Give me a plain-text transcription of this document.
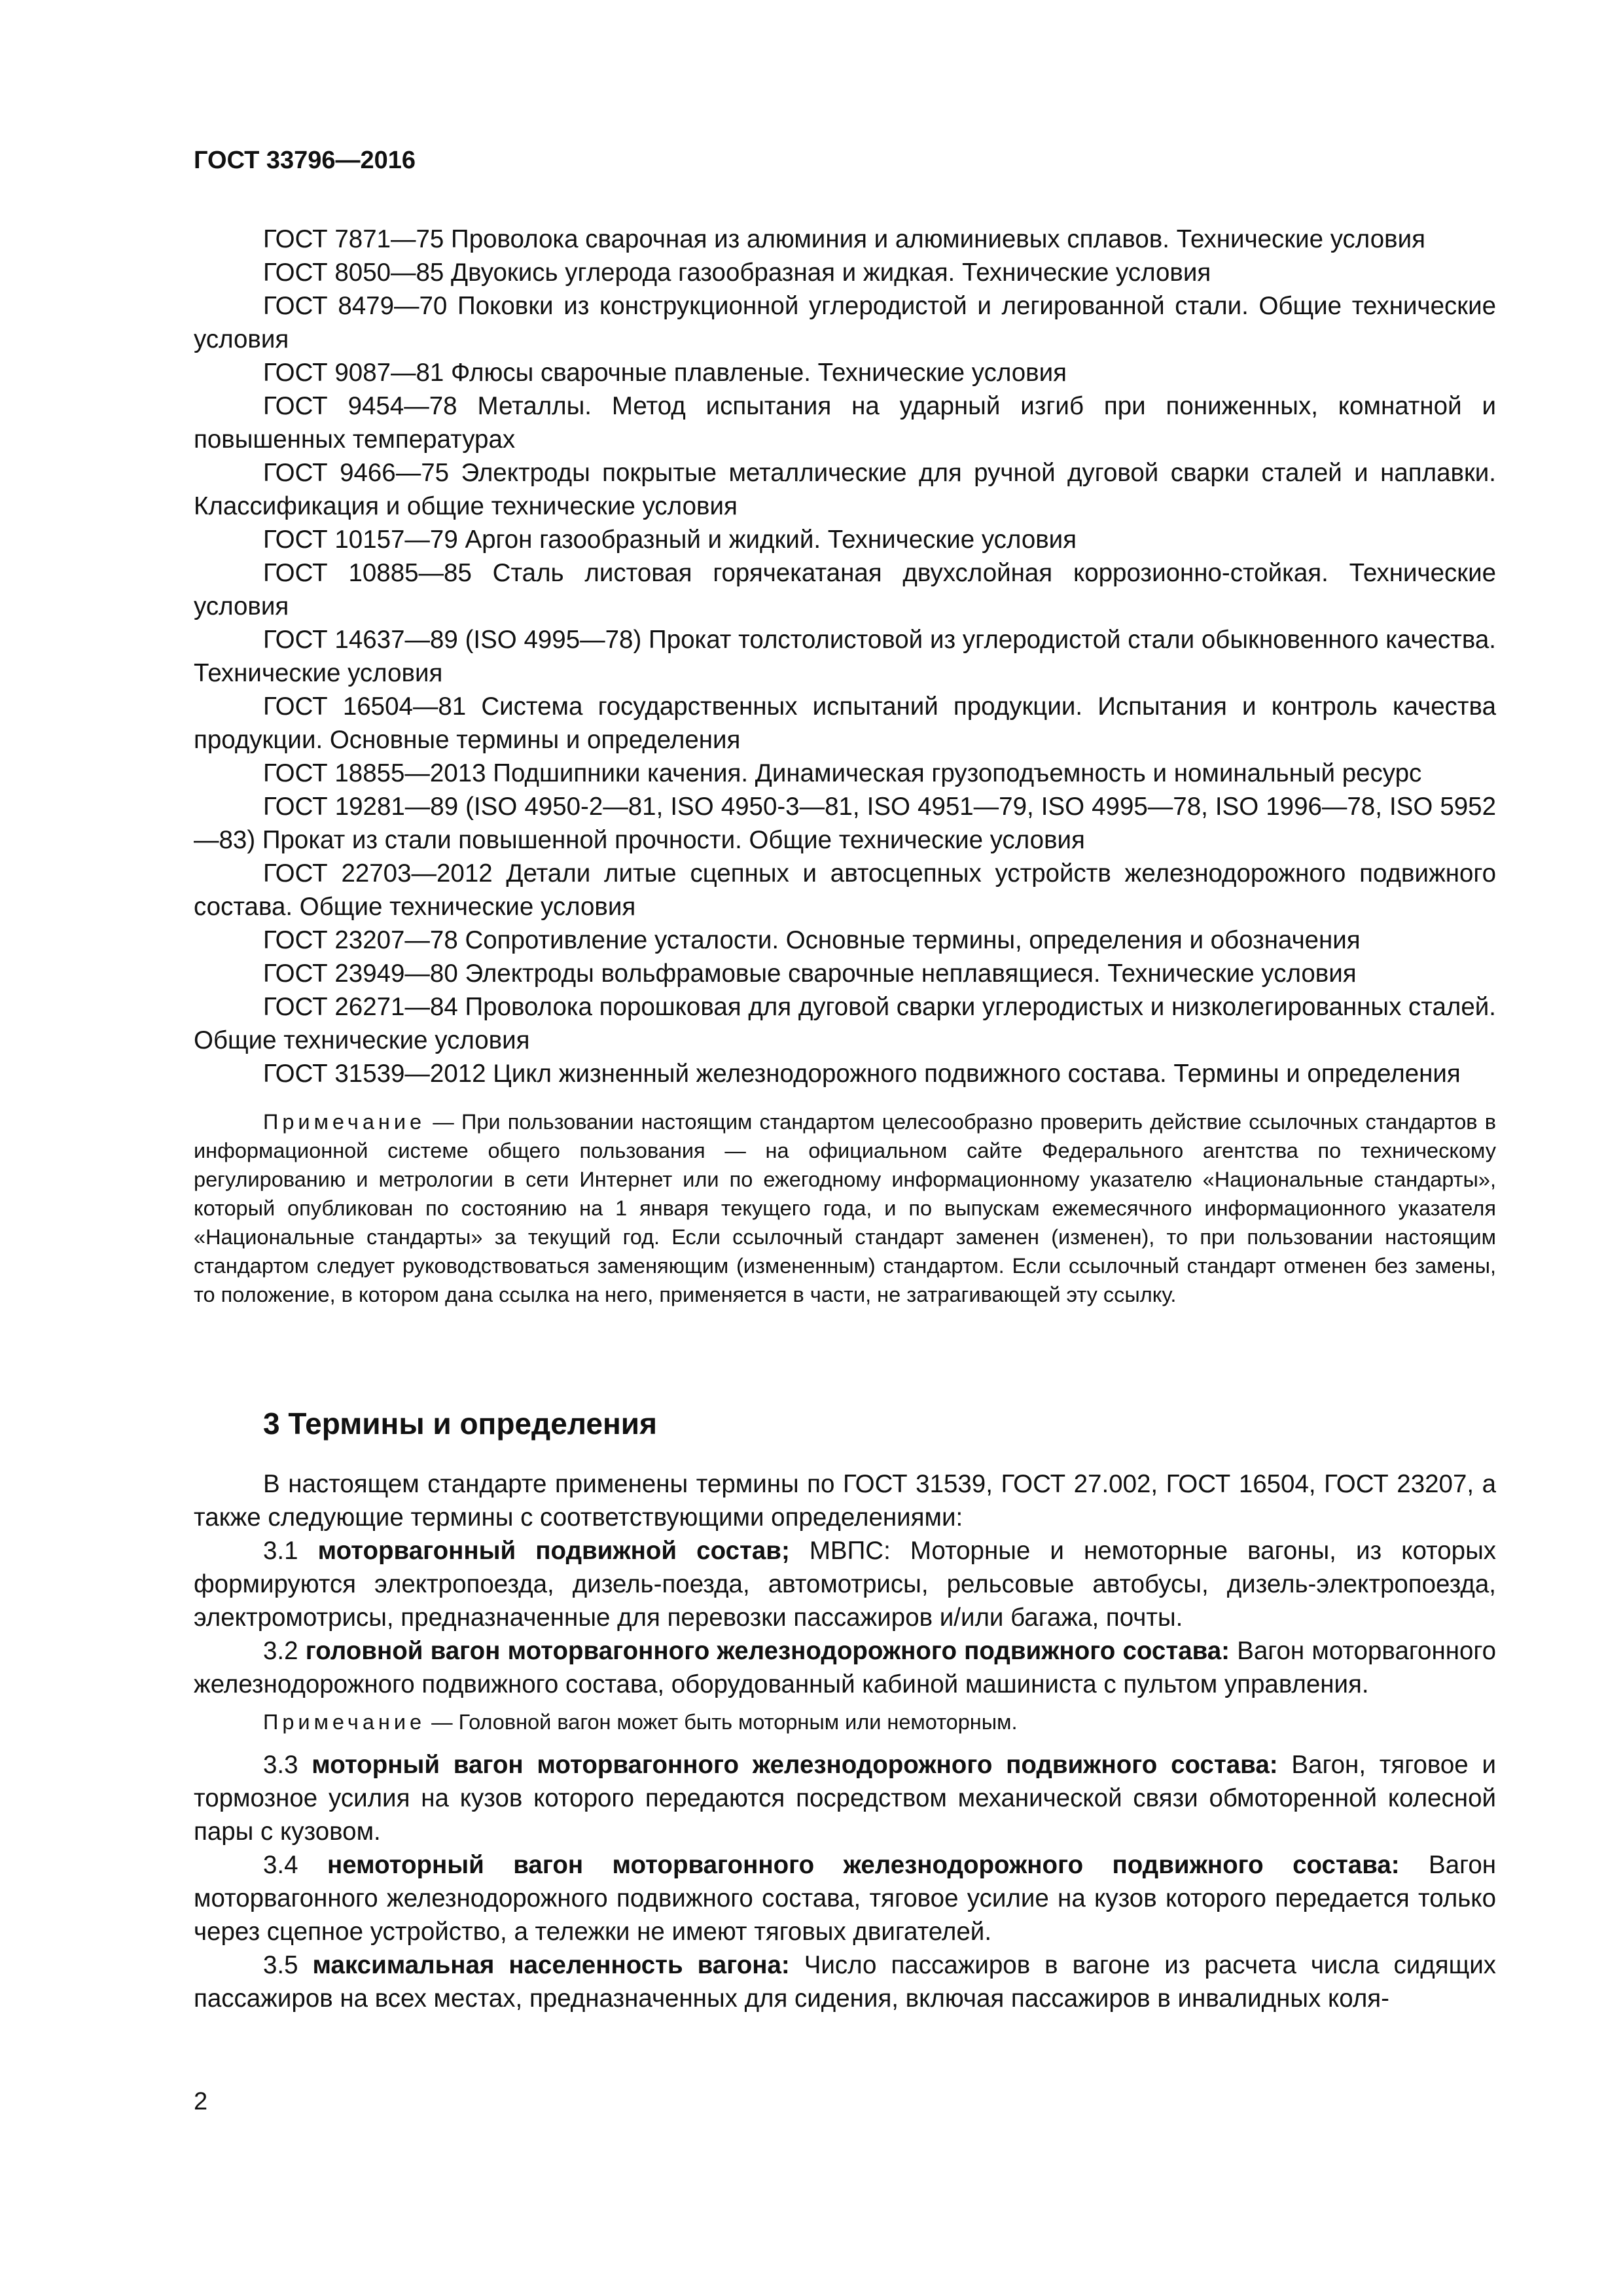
ГОСТ 33796—2016

ГОСТ 7871—75 Проволока сварочная из алюминия и алюминиевых сплавов. Технические условия

ГОСТ 8050—85 Двуокись углерода газообразная и жидкая. Технические условия

ГОСТ 8479—70 Поковки из конструкционной углеродистой и легированной стали. Общие технические условия

ГОСТ 9087—81 Флюсы сварочные плавленые. Технические условия

ГОСТ 9454—78 Металлы. Метод испытания на ударный изгиб при пониженных, комнатной и повышенных температурах

ГОСТ 9466—75 Электроды покрытые металлические для ручной дуговой сварки сталей и наплавки. Классификация и общие технические условия

ГОСТ 10157—79 Аргон газообразный и жидкий. Технические условия

ГОСТ 10885—85 Сталь листовая горячекатаная двухслойная коррозионно-стойкая. Технические условия

ГОСТ 14637—89 (ISO 4995—78) Прокат толстолистовой из углеродистой стали обыкновенного качества. Технические условия

ГОСТ 16504—81 Система государственных испытаний продукции. Испытания и контроль качества продукции. Основные термины и определения

ГОСТ 18855—2013 Подшипники качения. Динамическая грузоподъемность и номинальный ресурс

ГОСТ 19281—89 (ISO 4950-2—81, ISO 4950-3—81, ISO 4951—79, ISO 4995—78, ISO 1996—78, ISO 5952—83) Прокат из стали повышенной прочности. Общие технические условия

ГОСТ 22703—2012 Детали литые сцепных и автосцепных устройств железнодорожного подвижного состава. Общие технические условия

ГОСТ 23207—78 Сопротивление усталости. Основные термины, определения и обозначения

ГОСТ 23949—80 Электроды вольфрамовые сварочные неплавящиеся. Технические условия

ГОСТ 26271—84 Проволока порошковая для дуговой сварки углеродистых и низколегированных сталей. Общие технические условия

ГОСТ 31539—2012 Цикл жизненный железнодорожного подвижного состава. Термины и определения

Примечание — При пользовании настоящим стандартом целесообразно проверить действие ссылочных стандартов в информационной системе общего пользования — на официальном сайте Федерального агентства по техническому регулированию и метрологии в сети Интернет или по ежегодному информационному указателю «Национальные стандарты», который опубликован по состоянию на 1 января текущего года, и по выпускам ежемесячного информационного указателя «Национальные стандарты» за текущий год. Если ссылочный стандарт заменен (изменен), то при пользовании настоящим стандартом следует руководствоваться заменяющим (измененным) стандартом. Если ссылочный стандарт отменен без замены, то положение, в котором дана ссылка на него, применяется в части, не затрагивающей эту ссылку.

3 Термины и определения

В настоящем стандарте применены термины по ГОСТ 31539, ГОСТ 27.002, ГОСТ 16504, ГОСТ 23207, а также следующие термины с соответствующими определениями:

3.1 моторвагонный подвижной состав; МВПС: Моторные и немоторные вагоны, из которых формируются электропоезда, дизель-поезда, автомотрисы, рельсовые автобусы, дизель-электропоезда, электромотрисы, предназначенные для перевозки пассажиров и/или багажа, почты.

3.2 головной вагон моторвагонного железнодорожного подвижного состава: Вагон моторвагонного железнодорожного подвижного состава, оборудованный кабиной машиниста с пультом управления.

Примечание — Головной вагон может быть моторным или немоторным.

3.3 моторный вагон моторвагонного железнодорожного подвижного состава: Вагон, тяговое и тормозное усилия на кузов которого передаются посредством механической связи обмоторенной колесной пары с кузовом.

3.4 немоторный вагон моторвагонного железнодорожного подвижного состава: Вагон моторвагонного железнодорожного подвижного состава, тяговое усилие на кузов которого передается только через сцепное устройство, а тележки не имеют тяговых двигателей.

3.5 максимальная населенность вагона: Число пассажиров в вагоне из расчета числа сидящих пассажиров на всех местах, предназначенных для сидения, включая пассажиров в инвалидных коля-

2
